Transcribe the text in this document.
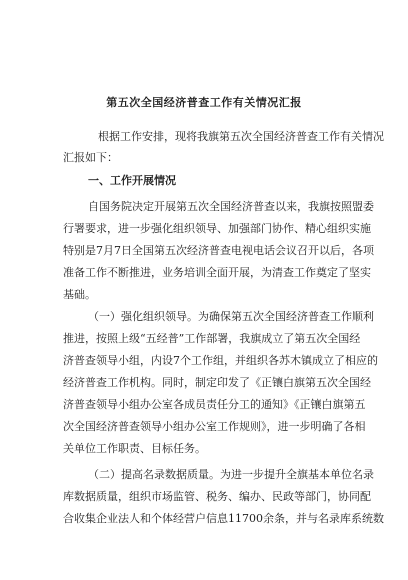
第五次全国经济普查工作有关情况汇报
根据工作安排，现将我旗第五次全国经济普查工作有关情况
汇报如下：
一、工作开展情况
自国务院决定开展第五次全国经济普查以来，我旗按照盟委
行署要求，进一步强化组织领导、加强部门协作、精心组织实施
特别是7月7日全国第五次经济普查电视电话会议召开以后，各项
准备工作不断推进，业务培训全面开展，为清查工作奠定了坚实
基础。
（一）强化组织领导。为确保第五次全国经济普查工作顺利
推进，按照上级“五经普”工作部署，我旗成立了第五次全国经
济普查领导小组，内设7个工作组，并组织各苏木镇成立了相应的
经济普查工作机构。同时，制定印发了《正镶白旗第五次全国经
济普查领导小组办公室各成员责任分工的通知》《正镶白旗第五
次全国经济普查领导小组办公室工作规则》，进一步明确了各相
关单位工作职责、目标任务。
（二）提高名录数据质量。为进一步提升全旗基本单位名录
库数据质量，组织市场监管、税务、编办、民政等部门，协同配
合收集企业法人和个体经营户信息11700余条，并与名录库系统数
